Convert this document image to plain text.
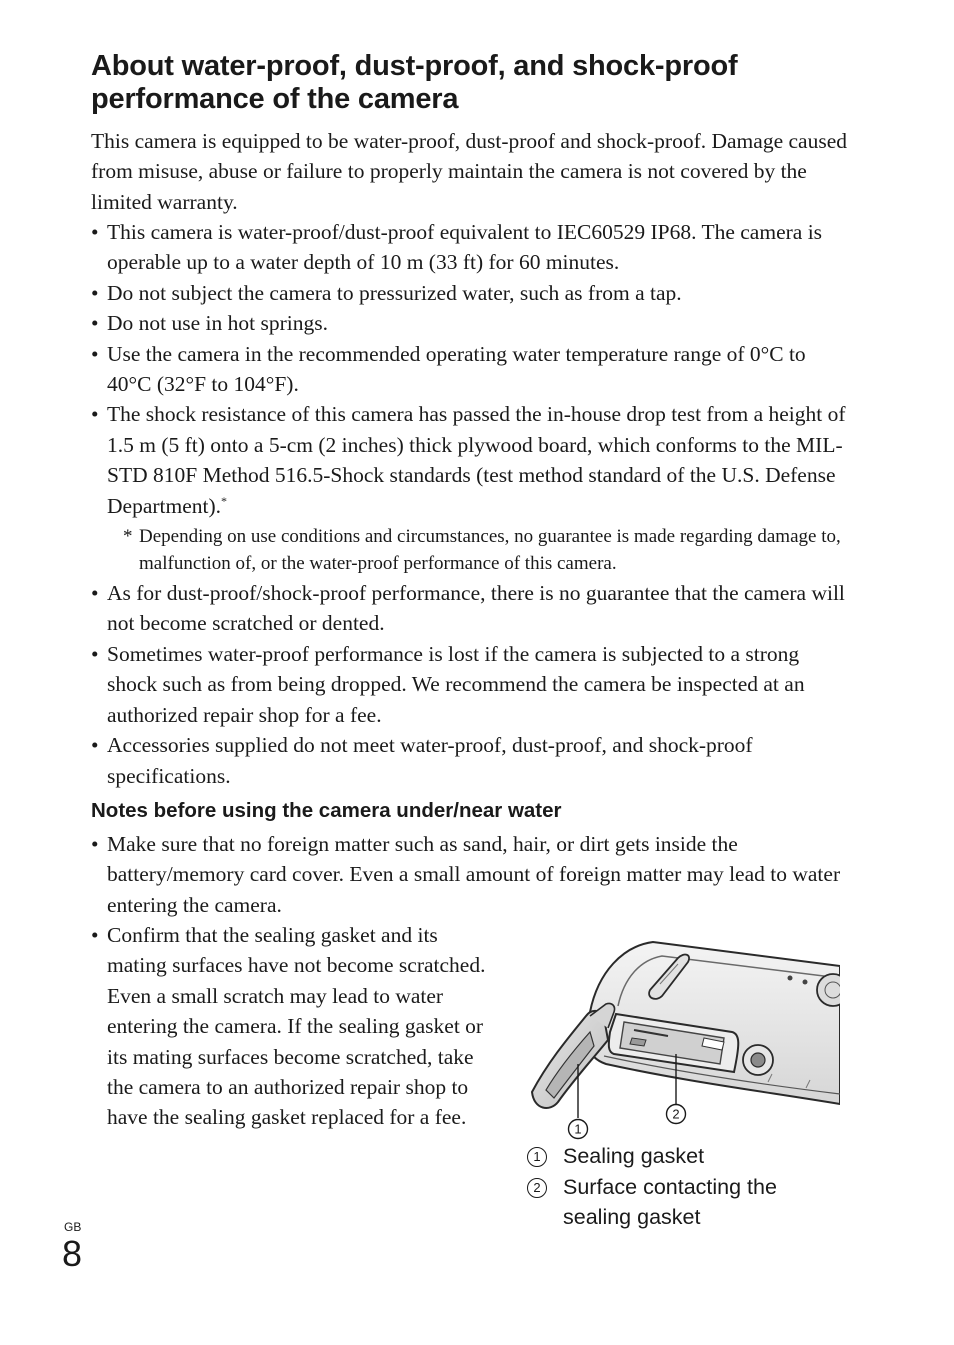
About water-proof, dust-proof, and shock-proof performance of the camera

This camera is equipped to be water-proof, dust-proof and shock-proof. Damage caused from misuse, abuse or failure to properly maintain the camera is not covered by the limited warranty.

• This camera is water-proof/dust-proof equivalent to IEC60529 IP68. The camera is operable up to a water depth of 10 m (33 ft) for 60 minutes.
• Do not subject the camera to pressurized water, such as from a tap.
• Do not use in hot springs.
• Use the camera in the recommended operating water temperature range of 0°C to 40°C (32°F to 104°F).
• The shock resistance of this camera has passed the in-house drop test from a height of 1.5 m (5 ft) onto a 5-cm (2 inches) thick plywood board, which conforms to the MIL-STD 810F Method 516.5-Shock standards (test method standard of the U.S. Defense Department).*
* Depending on use conditions and circumstances, no guarantee is made regarding damage to, malfunction of, or the water-proof performance of this camera.
• As for dust-proof/shock-proof performance, there is no guarantee that the camera will not become scratched or dented.
• Sometimes water-proof performance is lost if the camera is subjected to a strong shock such as from being dropped. We recommend the camera be inspected at an authorized repair shop for a fee.
• Accessories supplied do not meet water-proof, dust-proof, and shock-proof specifications.
Notes before using the camera under/near water
• Make sure that no foreign matter such as sand, hair, or dirt gets inside the battery/memory card cover. Even a small amount of foreign matter may lead to water entering the camera.
• Confirm that the sealing gasket and its mating surfaces have not become scratched. Even a small scratch may lead to water entering the camera. If the sealing gasket or its mating surfaces become scratched, take the camera to an authorized repair shop to have the sealing gasket replaced for a fee.	1
2
1 Sealing gasket
2 Surface contacting the sealing gasket
GB
8
